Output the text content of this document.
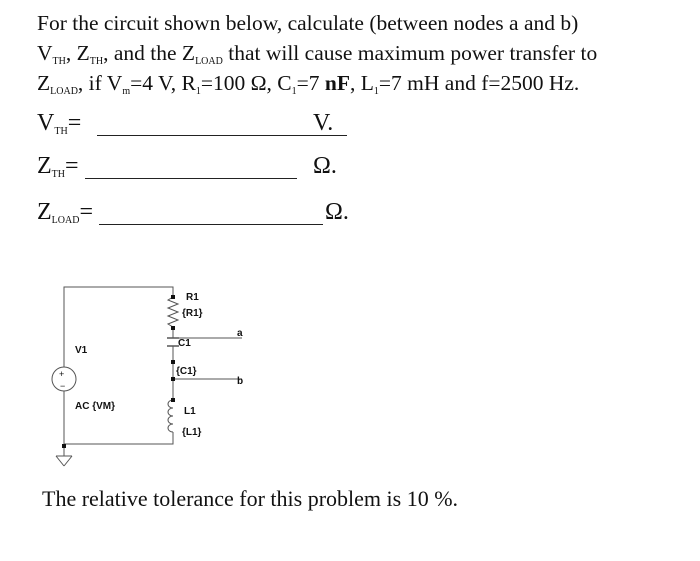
For the circuit shown below, calculate (between nodes a and b)

$V_{TH}$, $Z_{TH}$, and the $Z_{LOAD}$ that will cause maximum power transfer to

$Z_{LOAD}$, if $V_m=4$ V, $R_1=100$ Ω, $C_1=7$ nF, $L_1=7$ mH and f=2500 Hz.

$V_{TH}=$	V.
$Z_{TH}=$	Ω.
$Z_{LOAD}=$	Ω.
+
−
R1
{R1}
a
C1
{C1}
b
L1
{L1}
V1
AC {VM}
The relative tolerance for this problem is 10 %.
